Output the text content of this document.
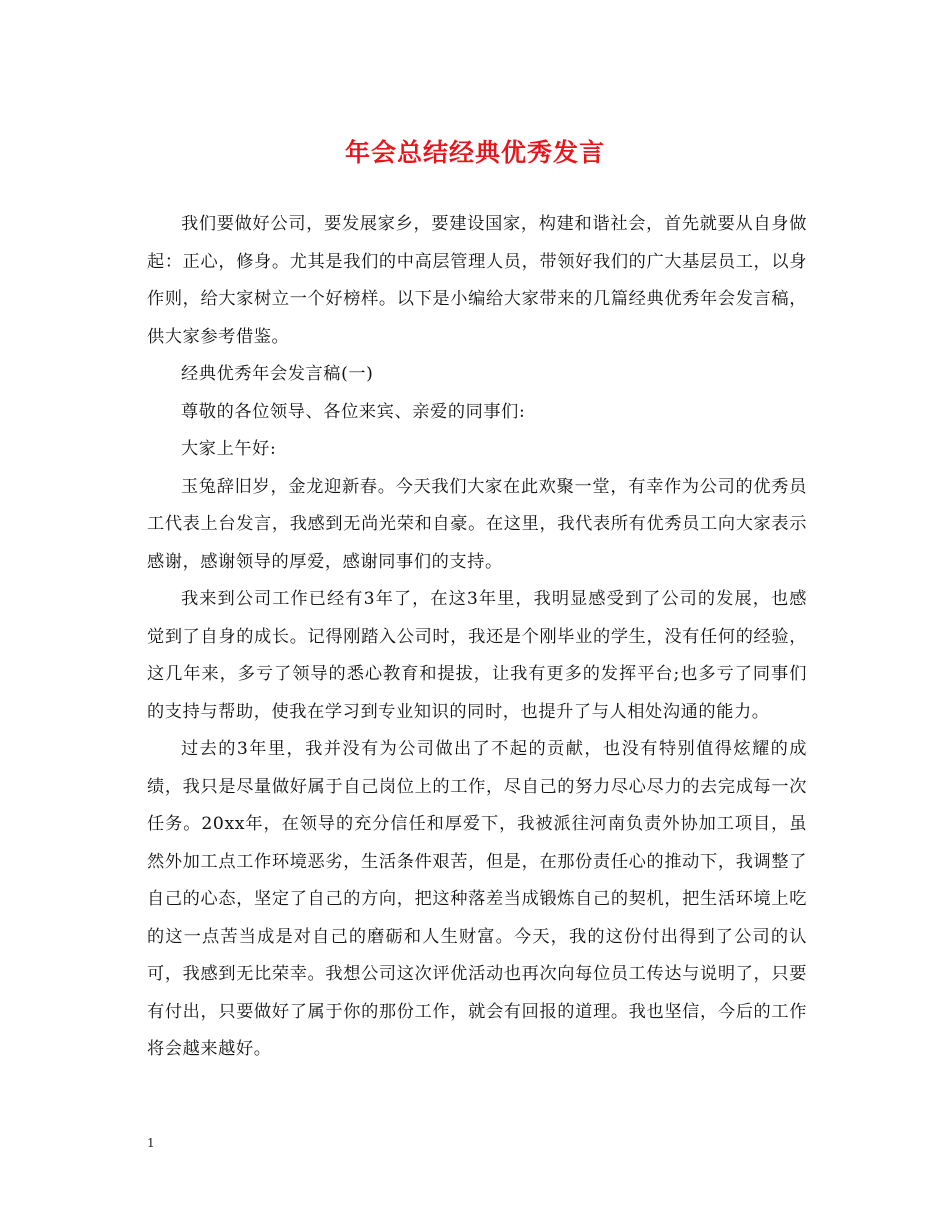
年会总结经典优秀发言

我们要做好公司，要发展家乡，要建设国家，构建和谐社会，首先就要从自身做起：正心，修身。尤其是我们的中高层管理人员，带领好我们的广大基层员工，以身作则，给大家树立一个好榜样。以下是小编给大家带来的几篇经典优秀年会发言稿，供大家参考借鉴。

经典优秀年会发言稿(一)

尊敬的各位领导、各位来宾、亲爱的同事们:

大家上午好:

玉兔辞旧岁，金龙迎新春。今天我们大家在此欢聚一堂，有幸作为公司的优秀员工代表上台发言，我感到无尚光荣和自豪。在这里，我代表所有优秀员工向大家表示感谢，感谢领导的厚爱，感谢同事们的支持。

我来到公司工作已经有3年了，在这3年里，我明显感受到了公司的发展，也感觉到了自身的成长。记得刚踏入公司时，我还是个刚毕业的学生，没有任何的经验，这几年来，多亏了领导的悉心教育和提拔，让我有更多的发挥平台;也多亏了同事们的支持与帮助，使我在学习到专业知识的同时，也提升了与人相处沟通的能力。

过去的3年里，我并没有为公司做出了不起的贡献，也没有特别值得炫耀的成绩，我只是尽量做好属于自己岗位上的工作，尽自己的努力尽心尽力的去完成每一次任务。20xx年，在领导的充分信任和厚爱下，我被派往河南负责外协加工项目，虽然外加工点工作环境恶劣，生活条件艰苦，但是，在那份责任心的推动下，我调整了自己的心态，坚定了自己的方向，把这种落差当成锻炼自己的契机，把生活环境上吃的这一点苦当成是对自己的磨砺和人生财富。今天，我的这份付出得到了公司的认可，我感到无比荣幸。我想公司这次评优活动也再次向每位员工传达与说明了，只要有付出，只要做好了属于你的那份工作，就会有回报的道理。我也坚信，今后的工作将会越来越好。

1
